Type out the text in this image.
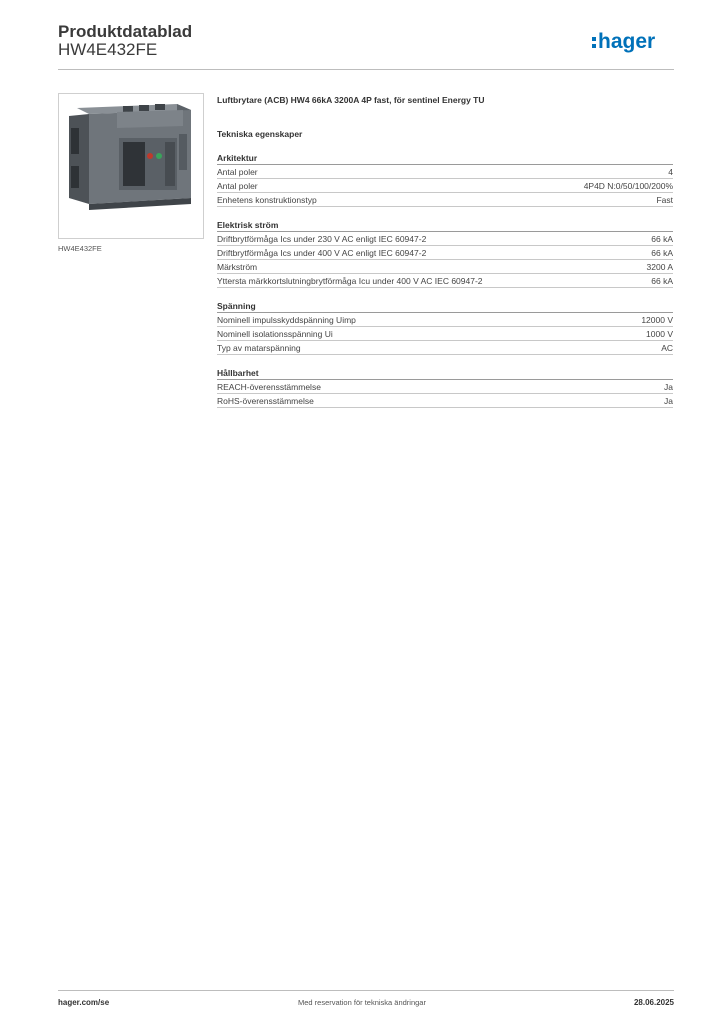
Produktdatablad
HW4E432FE	hager
HW4E432FE
Luftbrytare (ACB) HW4 66kA 3200A 4P fast, för sentinel Energy TU
Tekniska egenskaper
Arkitektur
Antal poler	4
Antal poler	4P4D N:0/50/100/200%
Enhetens konstruktionstyp	Fast
Elektrisk ström
Driftbrytförmåga Ics under 230 V AC enligt IEC 60947-2	66 kA
Driftbrytförmåga Ics under 400 V AC enligt IEC 60947-2	66 kA
Märkström	3200 A
Yttersta märkkortslutningbrytförmåga Icu under 400 V AC IEC 60947-2	66 kA
Spänning
Nominell impulsskyddspänning Uimp	12000 V
Nominell isolationsspänning Ui	1000 V
Typ av matarspänning	AC
Hållbarhet
REACH-överensstämmelse	Ja
RoHS-överensstämmelse	Ja
hager.com/se	Med reservation för tekniska ändringar	28.06.2025
